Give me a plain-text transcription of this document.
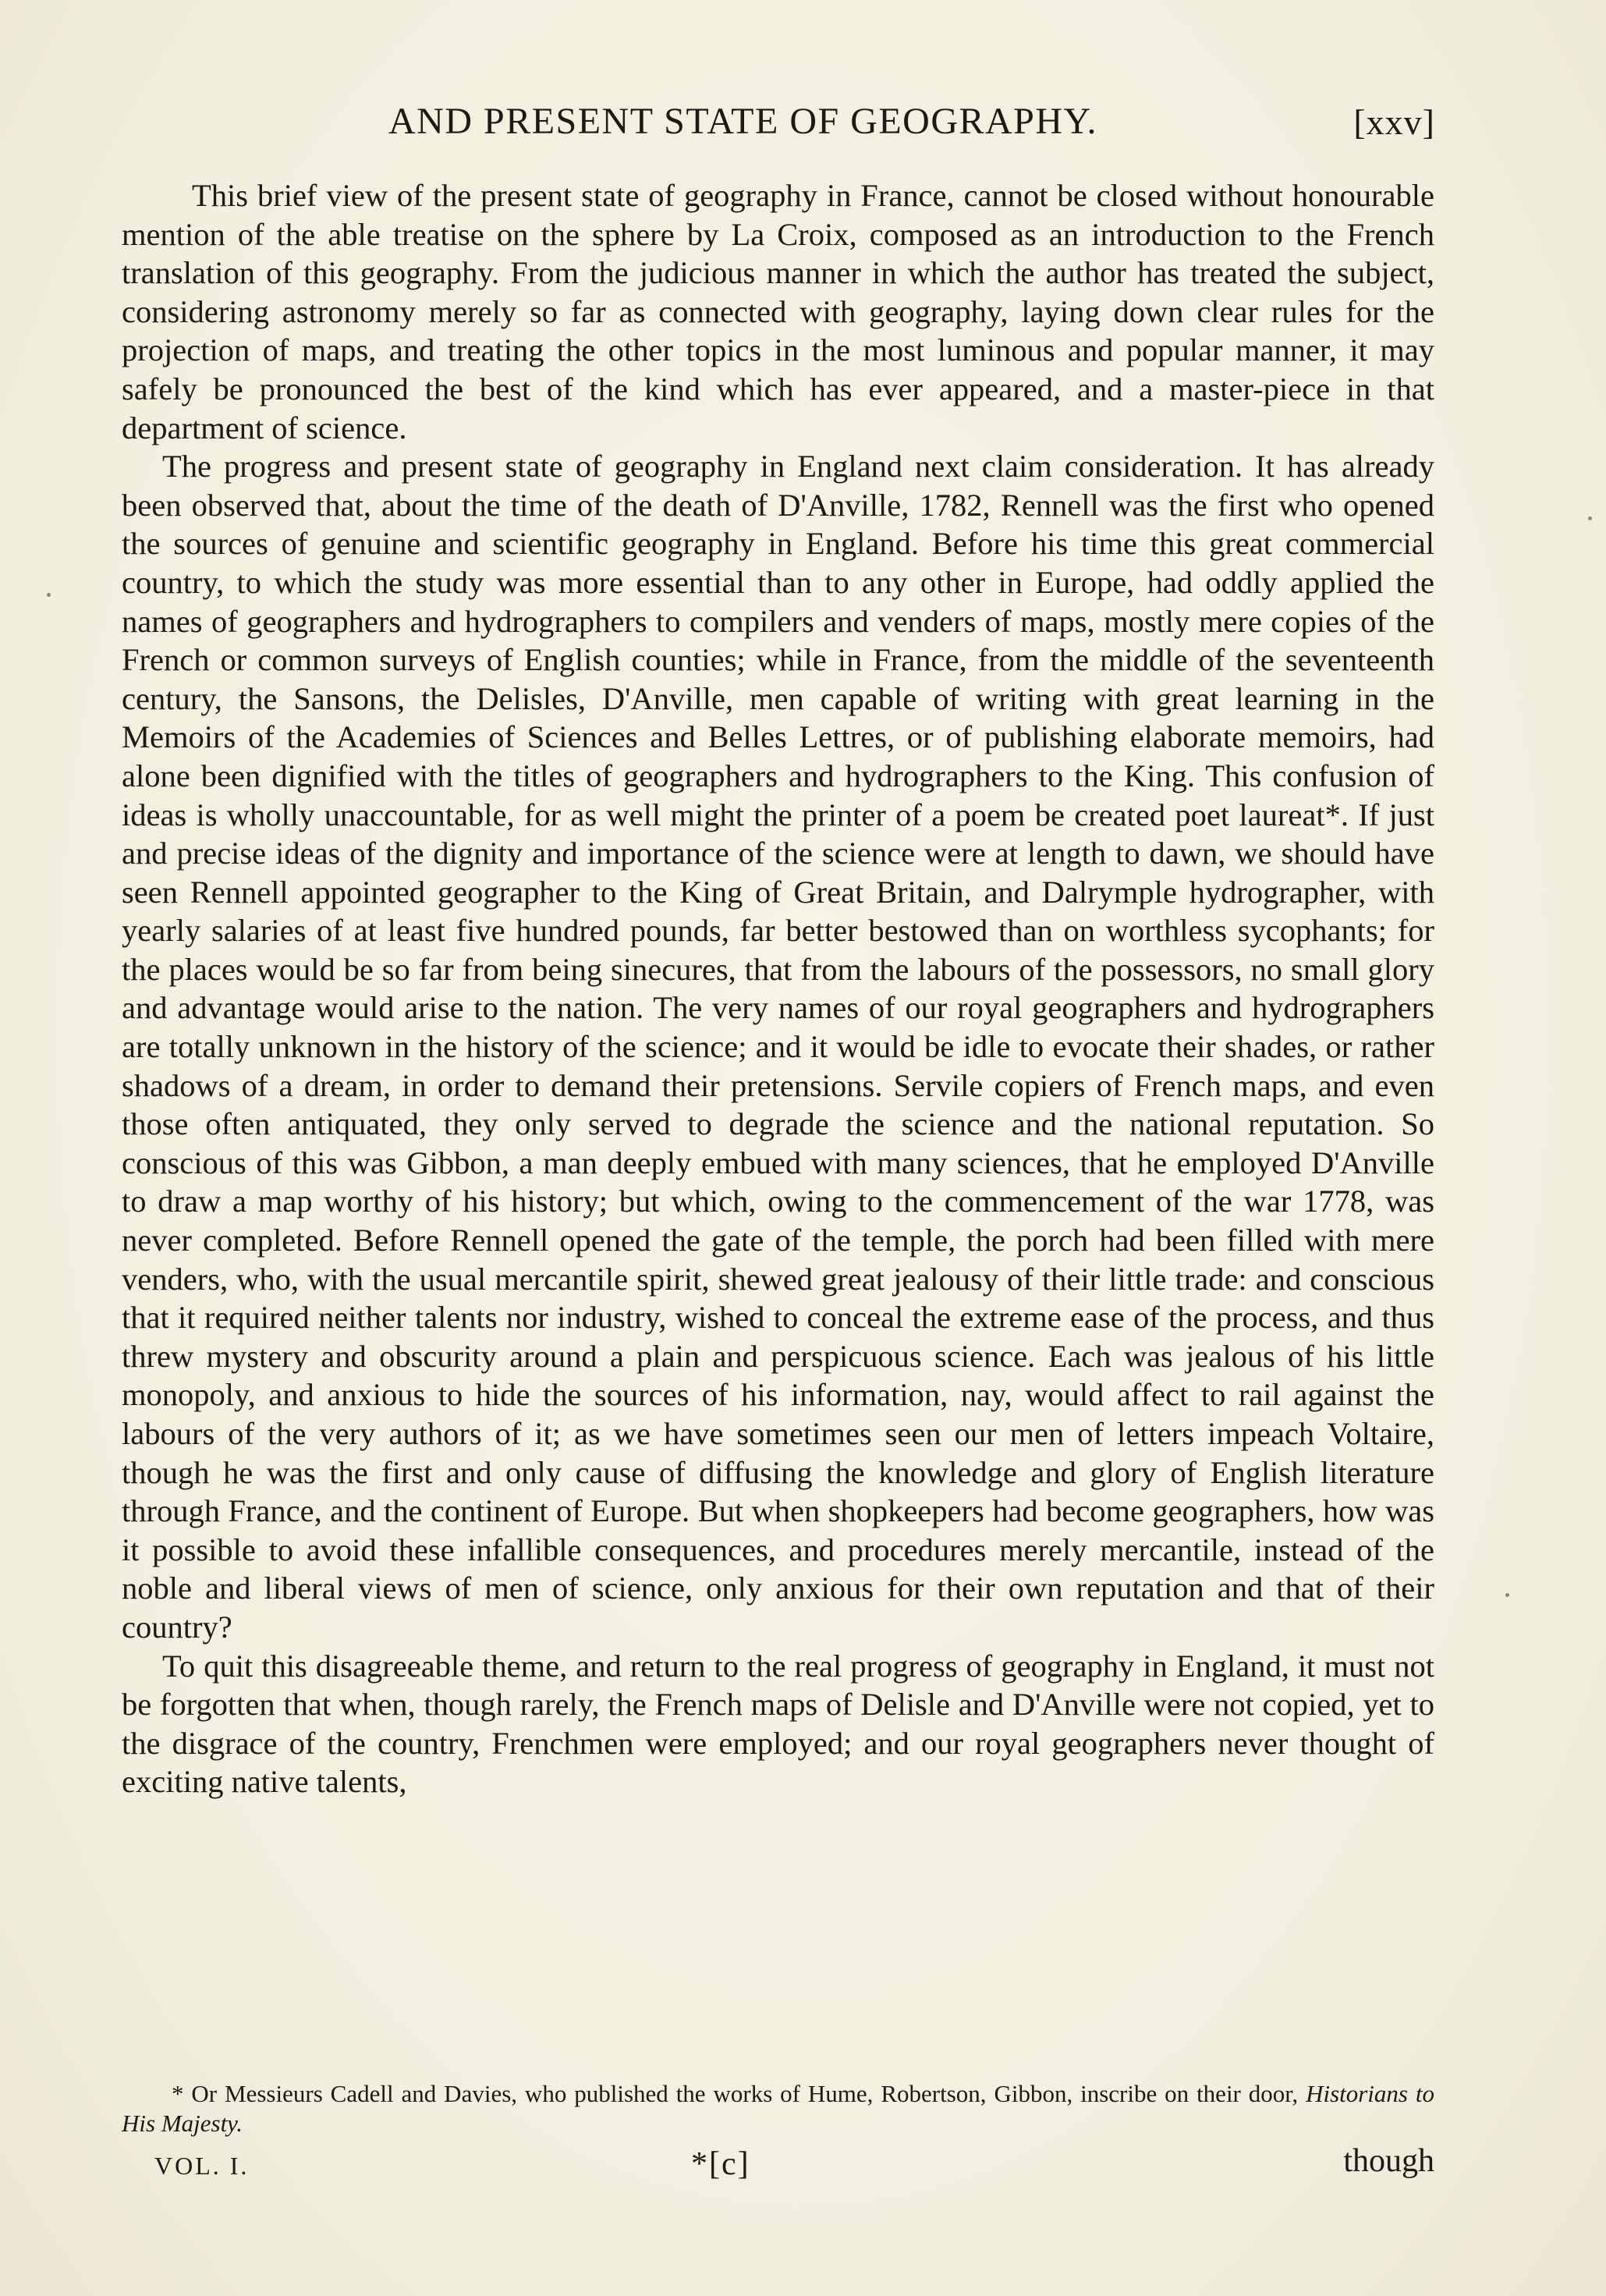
AND PRESENT STATE OF GEOGRAPHY.	[xxv]

This brief view of the present state of geography in France, cannot be closed without honourable mention of the able treatise on the sphere by La Croix, composed as an introduction to the French translation of this geography. From the judicious manner in which the author has treated the subject, considering astronomy merely so far as connected with geography, laying down clear rules for the projection of maps, and treating the other topics in the most luminous and popular manner, it may safely be pronounced the best of the kind which has ever appeared, and a master-piece in that department of science.

The progress and present state of geography in England next claim consideration. It has already been observed that, about the time of the death of D'Anville, 1782, Rennell was the first who opened the sources of genuine and scientific geography in England. Before his time this great commercial country, to which the study was more essential than to any other in Europe, had oddly applied the names of geographers and hydrographers to compilers and venders of maps, mostly mere copies of the French or common surveys of English counties; while in France, from the middle of the seventeenth century, the Sansons, the Delisles, D'Anville, men capable of writing with great learning in the Memoirs of the Academies of Sciences and Belles Lettres, or of publishing elaborate memoirs, had alone been dignified with the titles of geographers and hydrographers to the King. This confusion of ideas is wholly unaccountable, for as well might the printer of a poem be created poet laureat*. If just and precise ideas of the dignity and importance of the science were at length to dawn, we should have seen Rennell appointed geographer to the King of Great Britain, and Dalrymple hydrographer, with yearly salaries of at least five hundred pounds, far better bestowed than on worthless sycophants; for the places would be so far from being sinecures, that from the labours of the possessors, no small glory and advantage would arise to the nation. The very names of our royal geographers and hydrographers are totally unknown in the history of the science; and it would be idle to evocate their shades, or rather shadows of a dream, in order to demand their pretensions. Servile copiers of French maps, and even those often antiquated, they only served to degrade the science and the national reputation. So conscious of this was Gibbon, a man deeply embued with many sciences, that he employed D'Anville to draw a map worthy of his history; but which, owing to the commencement of the war 1778, was never completed. Before Rennell opened the gate of the temple, the porch had been filled with mere venders, who, with the usual mercantile spirit, shewed great jealousy of their little trade: and conscious that it required neither talents nor industry, wished to conceal the extreme ease of the process, and thus threw mystery and obscurity around a plain and perspicuous science. Each was jealous of his little monopoly, and anxious to hide the sources of his information, nay, would affect to rail against the labours of the very authors of it; as we have sometimes seen our men of letters impeach Voltaire, though he was the first and only cause of diffusing the knowledge and glory of English literature through France, and the continent of Europe. But when shopkeepers had become geographers, how was it possible to avoid these infallible consequences, and procedures merely mercantile, instead of the noble and liberal views of men of science, only anxious for their own reputation and that of their country?

To quit this disagreeable theme, and return to the real progress of geography in England, it must not be forgotten that when, though rarely, the French maps of Delisle and D'Anville were not copied, yet to the disgrace of the country, Frenchmen were employed; and our royal geographers never thought of exciting native talents,

* Or Messieurs Cadell and Davies, who published the works of Hume, Robertson, Gibbon, inscribe on their door, Historians to His Majesty.

VOL. I.	*[c]	though
